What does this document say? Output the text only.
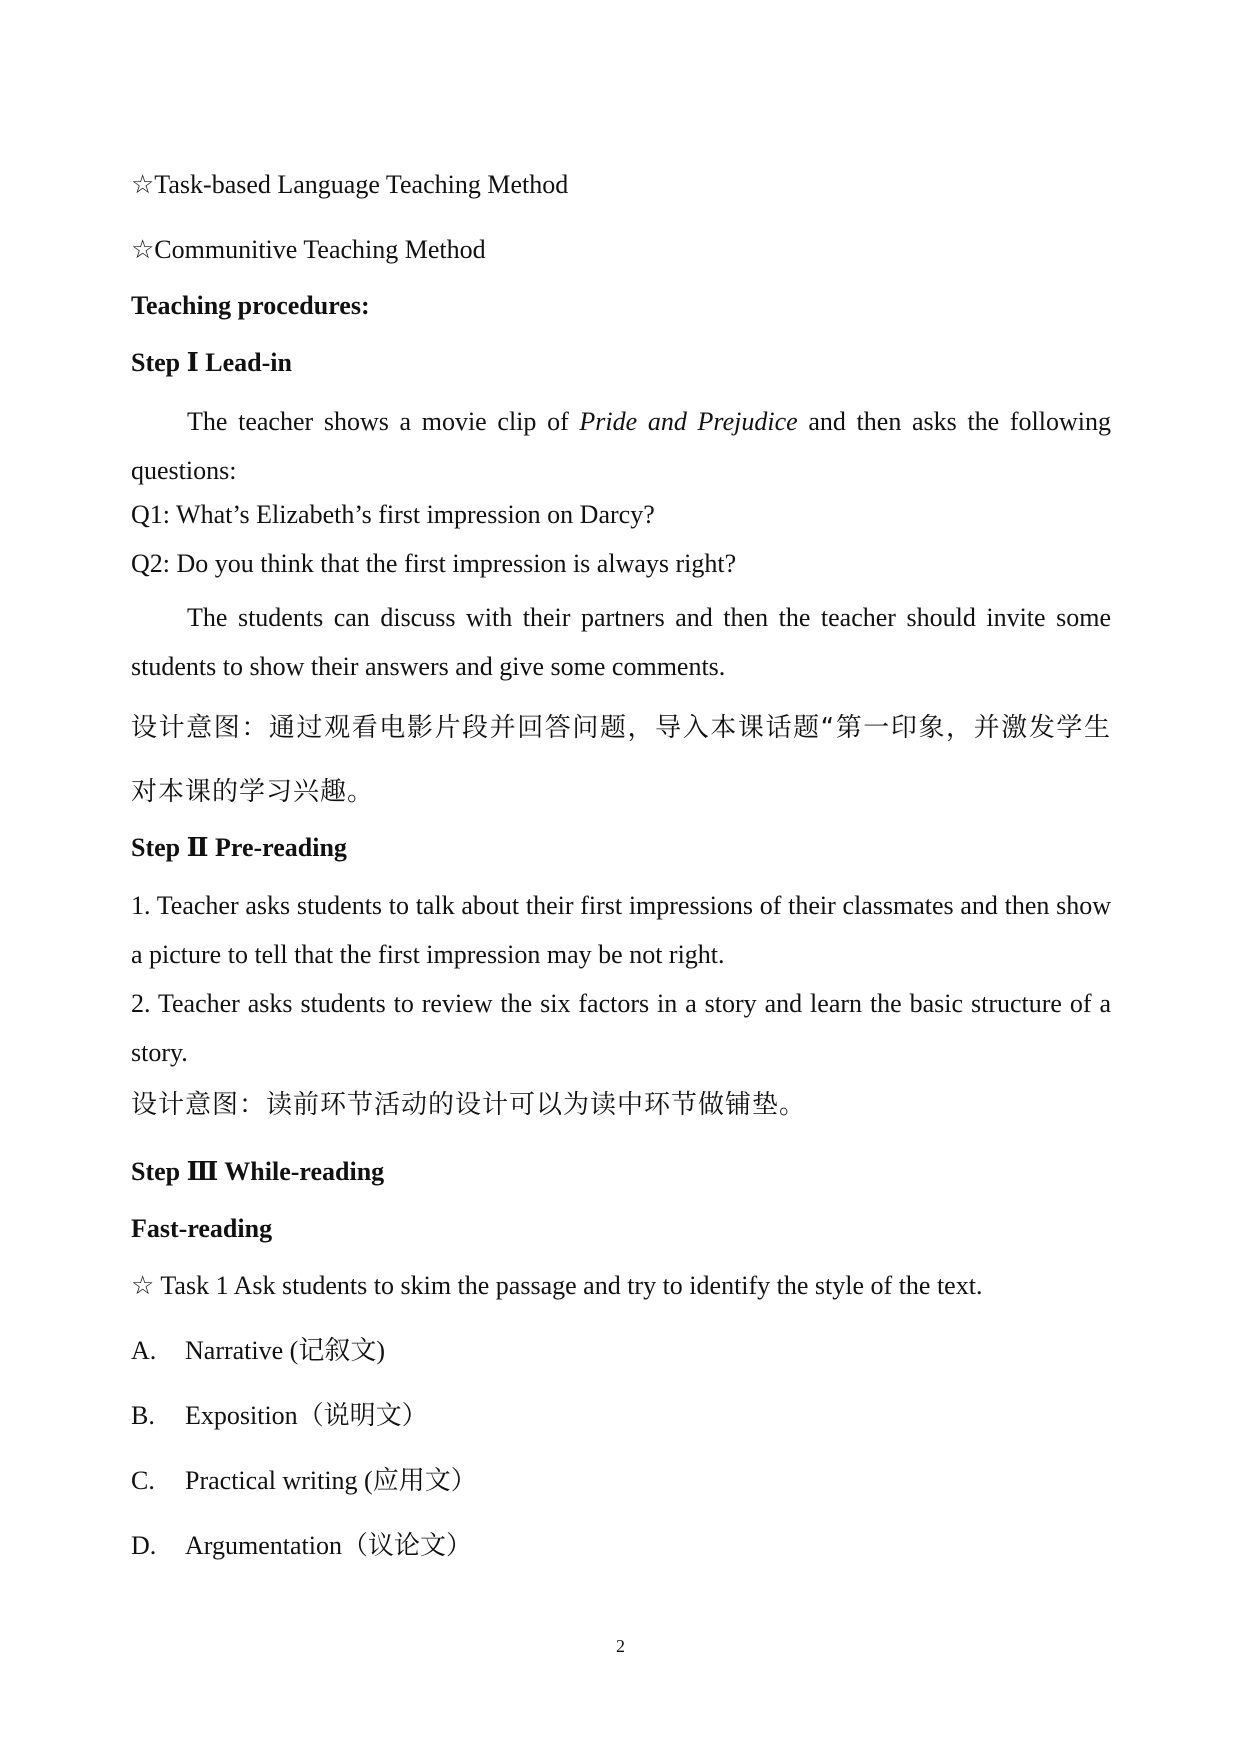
☆Task-based Language Teaching Method
☆Communitive Teaching Method
Teaching procedures:
Step Ⅰ Lead-in
The teacher shows a movie clip of Pride and Prejudice and then asks the following questions:
Q1: What’s Elizabeth’s first impression on Darcy?
Q2: Do you think that the first impression is always right?
The students can discuss with their partners and then the teacher should invite some students to show their answers and give some comments.
设计意图：通过观看电影片段并回答问题，导入本课话题“第一印象，并激发学生对本课的学习兴趣。
Step Ⅱ Pre-reading
1. Teacher asks students to talk about their first impressions of their classmates and then show a picture to tell that the first impression may be not right.
2. Teacher asks students to review the six factors in a story and learn the basic structure of a story.
设计意图：读前环节活动的设计可以为读中环节做铺垫。
Step Ⅲ While-reading
Fast-reading
☆ Task 1 Ask students to skim the passage and try to identify the style of the text.
A. Narrative (记叙文)
B. Exposition（说明文）
C. Practical writing (应用文）
D. Argumentation（议论文）
2
